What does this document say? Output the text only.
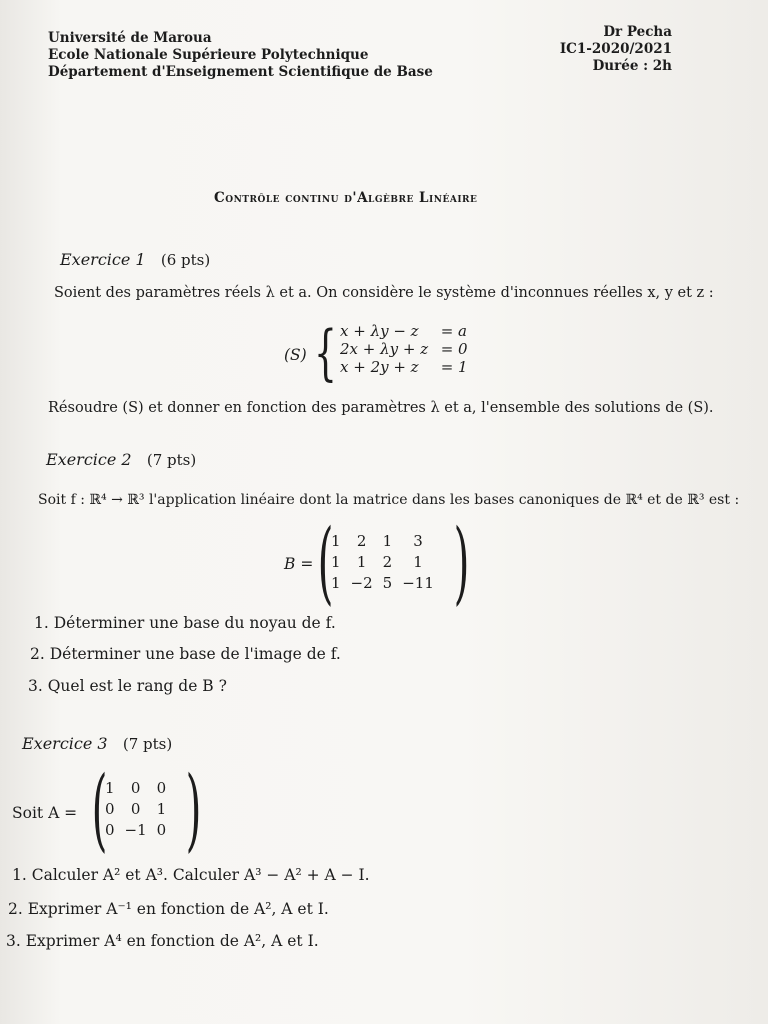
Université de Maroua
Ecole Nationale Supérieure Polytechnique
Département d'Enseignement Scientifique de Base
Dr Pecha
IC1-2020/2021
Durée : 2h
Contrôle continu d'Algèbre Linéaire
Exercice 1 (6 pts)
Soient des paramètres réels λ et a. On considère le système d'inconnues réelles x, y et z :
(S) { x + λy − z	= a
2x + λy + z = 0
x + 2y + z	= 1
Résoudre (S) et donner en fonction des paramètres λ et a, l'ensemble des solutions de (S).
Exercice 2 (7 pts)
Soit f : ℝ⁴ → ℝ³ l'application linéaire dont la matrice dans les bases canoniques de ℝ⁴ et de ℝ³ est :
B = (
1	2	1	3
1	1	2	1
1	−2	5	−11 )
1. Déterminer une base du noyau de f.
2. Déterminer une base de l'image de f.
3. Quel est le rang de B ?
Exercice 3 (7 pts)
Soit A = (
1	0	0
0	0	1
0	−1	0 )
1. Calculer A² et A³. Calculer A³ − A² + A − I.
2. Exprimer A⁻¹ en fonction de A², A et I.
3. Exprimer A⁴ en fonction de A², A et I.
